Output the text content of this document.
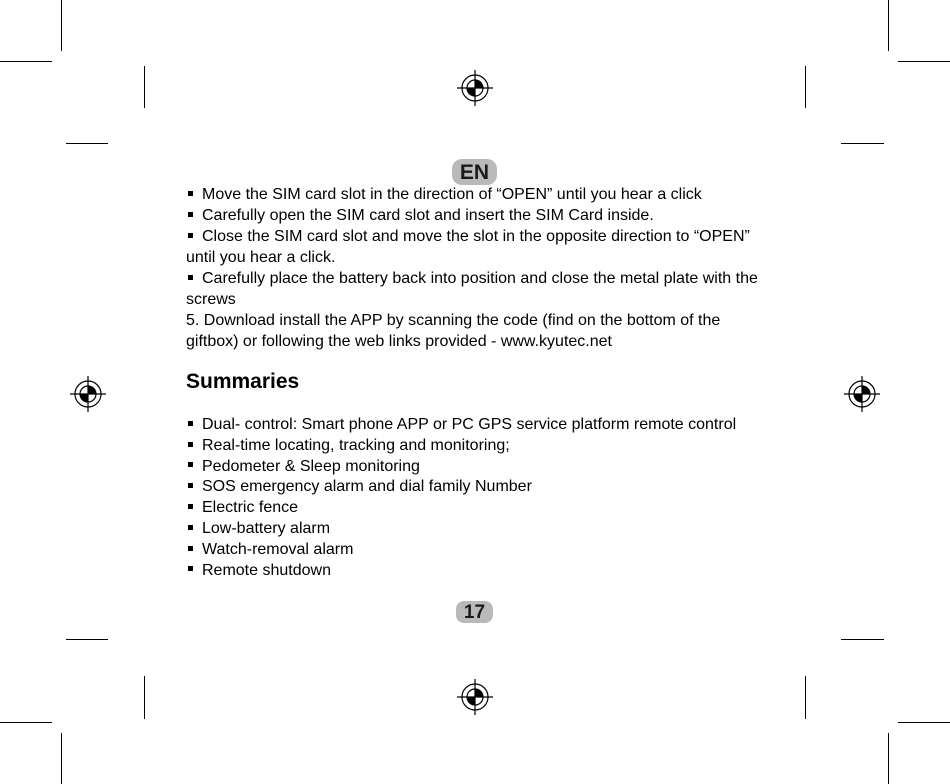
EN
17

Move the SIM card slot in the direction of “OPEN” until you hear a click

Carefully open the SIM card slot and insert the SIM Card inside.

Close the SIM card slot and move the slot in the opposite direction to “OPEN” until you hear a click.

Carefully place the battery back into position and close the metal plate with the screws

5. Download install the APP by scanning the code (find on the bottom of the giftbox) or following the web links provided - www.kyutec.net

Summaries

Dual- control: Smart phone APP or PC GPS service platform remote control

Real-time locating, tracking and monitoring;

Pedometer & Sleep monitoring

SOS emergency alarm and dial family Number

Electric fence

Low-battery alarm

Watch-removal alarm

Remote shutdown
